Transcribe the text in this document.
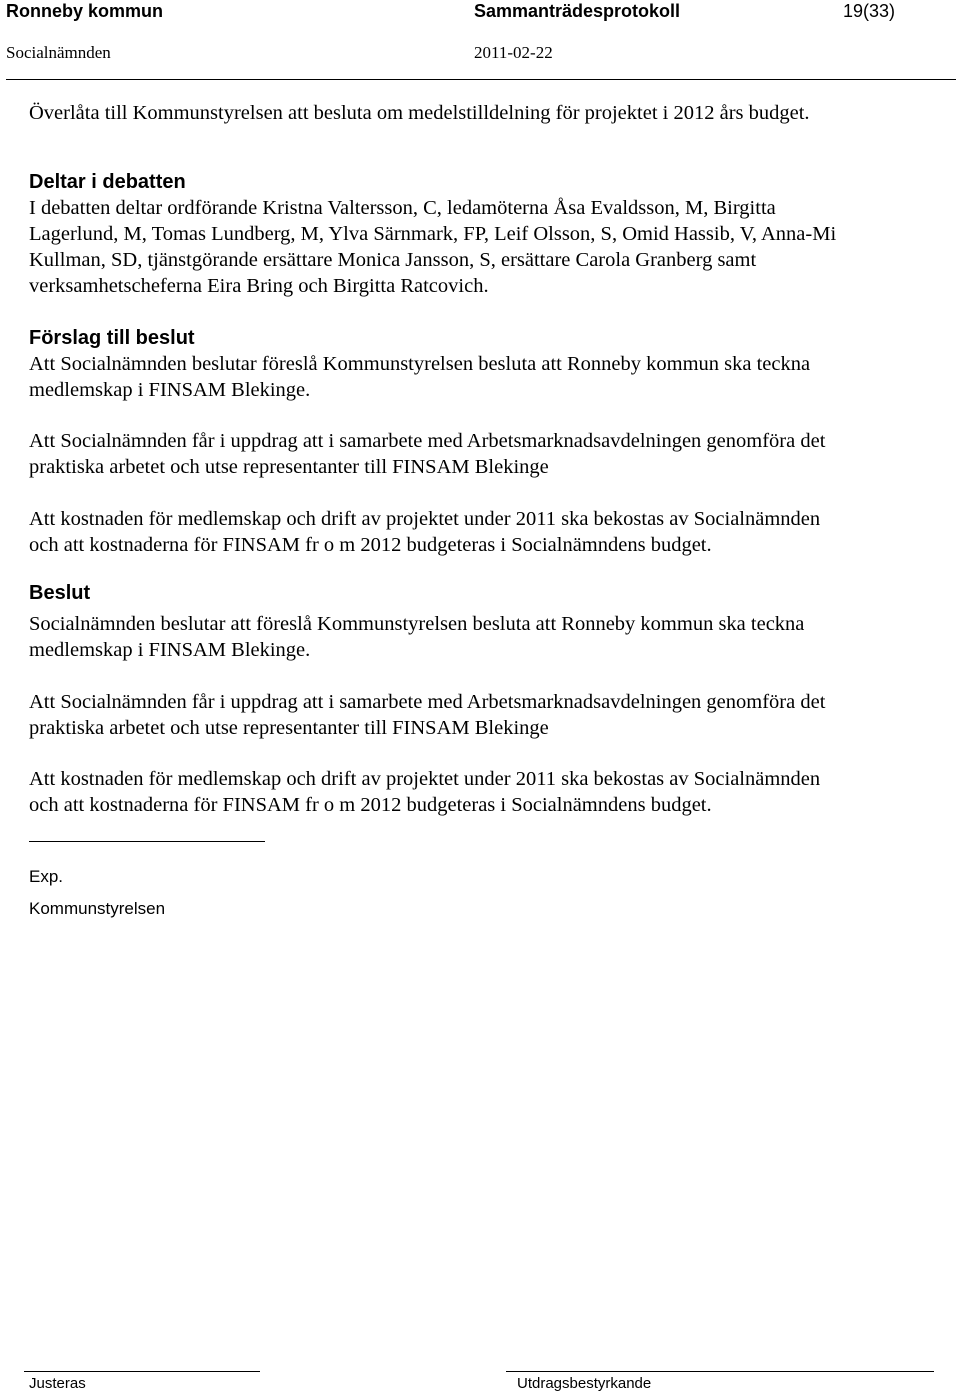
Ronneby kommun	Sammanträdesprotokoll	19(33)
Socialnämnden	2011-02-22

Överlåta till Kommunstyrelsen att besluta om medelstilldelning för projektet i 2012 års budget.

Deltar i debatten

I debatten deltar ordförande Kristna Valtersson, C, ledamöterna Åsa Evaldsson, M, Birgitta
Lagerlund, M, Tomas Lundberg, M, Ylva Särnmark, FP, Leif Olsson, S, Omid Hassib, V, Anna-Mi
Kullman, SD, tjänstgörande ersättare Monica Jansson, S, ersättare Carola Granberg samt
verksamhetscheferna Eira Bring och Birgitta Ratcovich.

Förslag till beslut

Att Socialnämnden beslutar föreslå Kommunstyrelsen besluta att Ronneby kommun ska teckna
medlemskap i FINSAM Blekinge.

Att Socialnämnden får i uppdrag att i samarbete med Arbetsmarknadsavdelningen genomföra det
praktiska arbetet och utse representanter till FINSAM Blekinge

Att kostnaden för medlemskap och drift av projektet under 2011 ska bekostas av Socialnämnden
och att kostnaderna för FINSAM fr o m 2012 budgeteras i Socialnämndens budget.

Beslut

Socialnämnden beslutar att föreslå Kommunstyrelsen besluta att Ronneby kommun ska teckna
medlemskap i FINSAM Blekinge.

Att Socialnämnden får i uppdrag att i samarbete med Arbetsmarknadsavdelningen genomföra det
praktiska arbetet och utse representanter till FINSAM Blekinge

Att kostnaden för medlemskap och drift av projektet under 2011 ska bekostas av Socialnämnden
och att kostnaderna för FINSAM fr o m 2012 budgeteras i Socialnämndens budget.

Exp.
Kommunstyrelsen
Justeras	Utdragsbestyrkande
